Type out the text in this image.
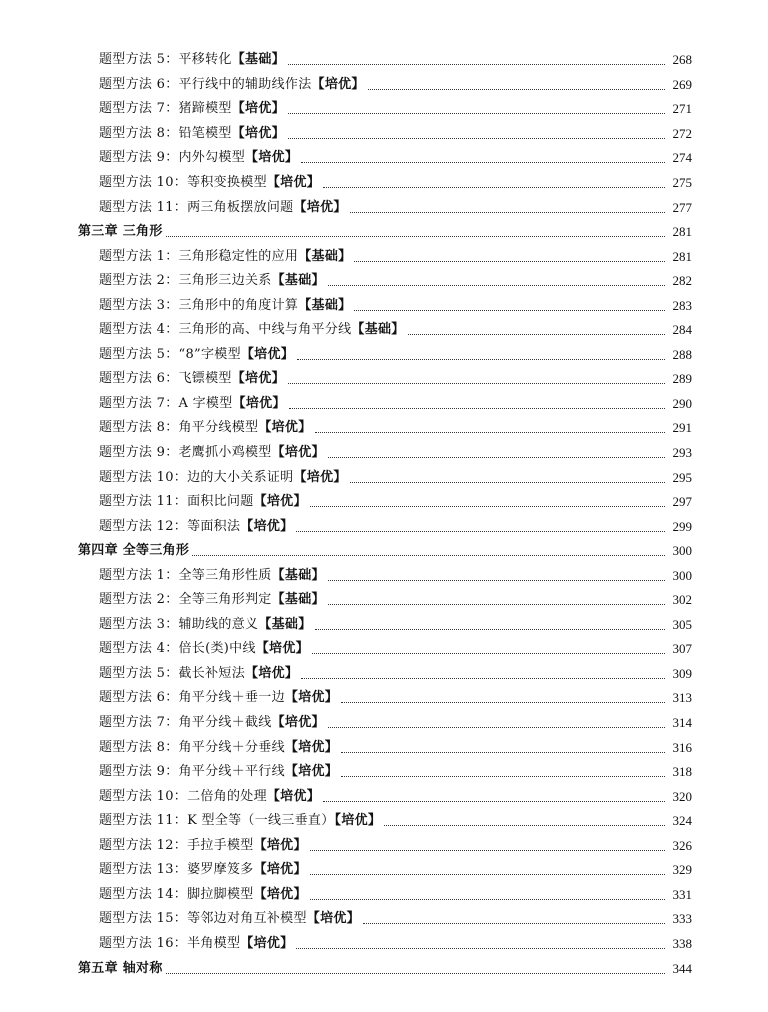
题型方法 5：平移转化【基础】	268
题型方法 6：平行线中的辅助线作法【培优】	269
题型方法 7：猪蹄模型【培优】	271
题型方法 8：铅笔模型【培优】	272
题型方法 9：内外勾模型【培优】	274
题型方法 10：等积变换模型【培优】	275
题型方法 11：两三角板摆放问题【培优】	277
第三章 三角形	281
题型方法 1：三角形稳定性的应用【基础】	281
题型方法 2：三角形三边关系【基础】	282
题型方法 3：三角形中的角度计算【基础】	283
题型方法 4：三角形的高、中线与角平分线【基础】	284
题型方法 5：“8”字模型【培优】	288
题型方法 6：飞镖模型【培优】	289
题型方法 7：A 字模型【培优】	290
题型方法 8：角平分线模型【培优】	291
题型方法 9：老鹰抓小鸡模型【培优】	293
题型方法 10：边的大小关系证明【培优】	295
题型方法 11：面积比问题【培优】	297
题型方法 12：等面积法【培优】	299
第四章 全等三角形	300
题型方法 1：全等三角形性质【基础】	300
题型方法 2：全等三角形判定【基础】	302
题型方法 3：辅助线的意义【基础】	305
题型方法 4：倍长(类)中线【培优】	307
题型方法 5：截长补短法【培优】	309
题型方法 6：角平分线＋垂一边【培优】	313
题型方法 7：角平分线＋截线【培优】	314
题型方法 8：角平分线＋分垂线【培优】	316
题型方法 9：角平分线＋平行线【培优】	318
题型方法 10：二倍角的处理【培优】	320
题型方法 11：K 型全等（一线三垂直）【培优】	324
题型方法 12：手拉手模型【培优】	326
题型方法 13：婆罗摩笈多【培优】	329
题型方法 14：脚拉脚模型【培优】	331
题型方法 15：等邻边对角互补模型【培优】	333
题型方法 16：半角模型【培优】	338
第五章 轴对称	344
